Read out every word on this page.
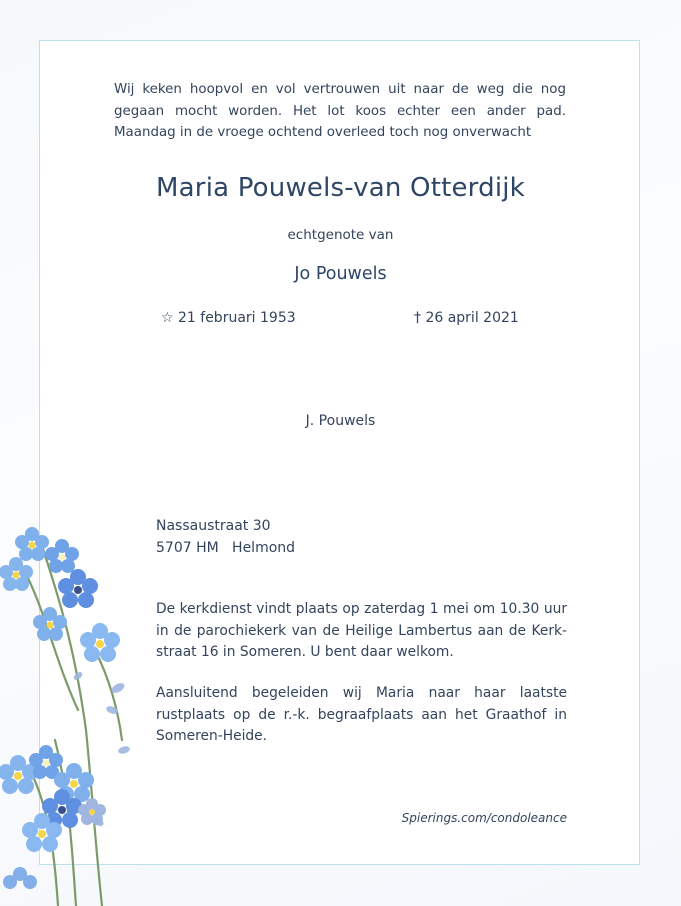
Wij keken hoopvol en vol vertrouwen uit naar de weg die nog gegaan mocht worden. Het lot koos echter een ander pad. Maandag in de vroege ochtend overleed toch nog onverwacht
Maria Pouwels-van Otterdijk
echtgenote van
Jo Pouwels
☆ 21 februari 1953	† 26 april 2021
J. Pouwels
Nassaustraat 30
5707 HM   Helmond
De kerkdienst vindt plaats op zaterdag 1 mei om 10.30 uur in de parochiekerk van de Heilige Lambertus aan de Kerk-straat 16 in Someren. U bent daar welkom.
Aansluitend begeleiden wij Maria naar haar laatste rustplaats op de r.-k. begraafplaats aan het Graathof in Someren-Heide.
Spierings.com/condoleance
